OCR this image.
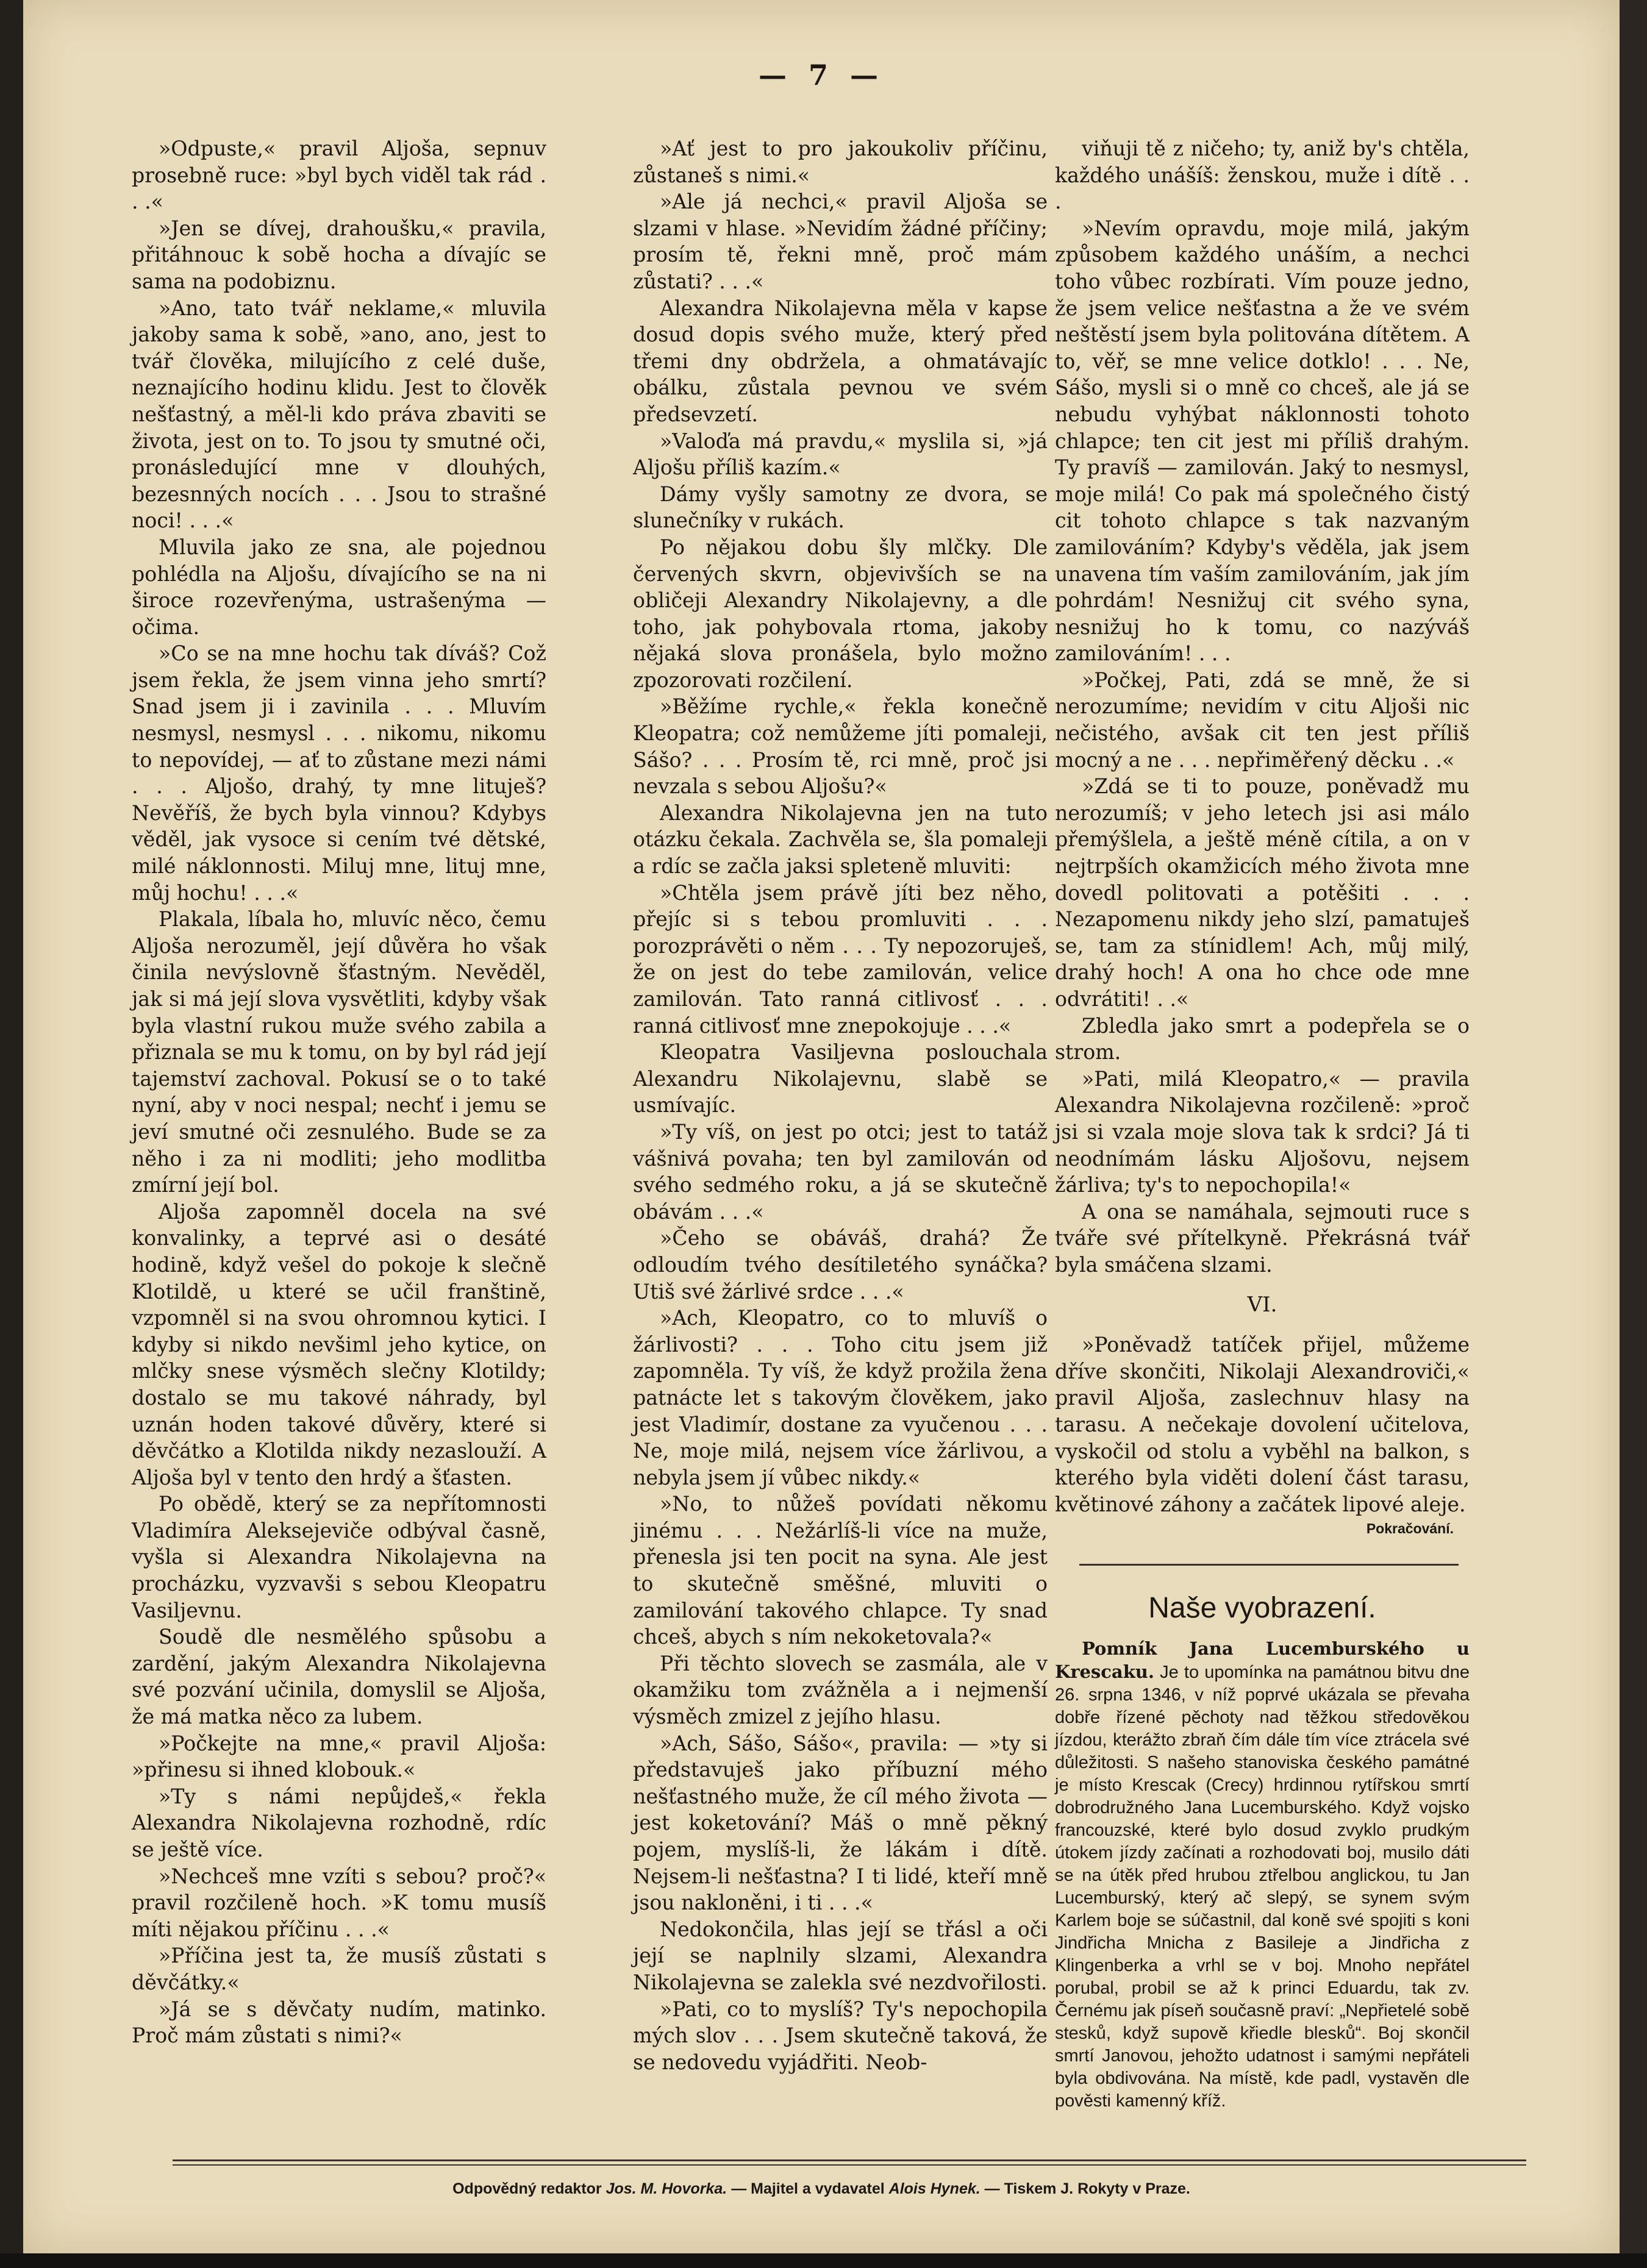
— 7 —

»Odpuste,« pravil Aljoša, sepnuv prosebně ruce: »byl bych viděl tak rád . . .«

»Jen se dívej, drahoušku,« pravila, přitáhnouc k sobě hocha a dívajíc se sama na podobiznu.

»Ano, tato tvář neklame,« mluvila jakoby sama k sobě, »ano, ano, jest to tvář člověka, milujícího z celé duše, neznajícího hodinu klidu. Jest to člověk nešťastný, a měl-li kdo práva zbaviti se života, jest on to. To jsou ty smutné oči, pronásledující mne v dlouhých, bezesnných nocích . . . Jsou to strašné noci! . . .«

Mluvila jako ze sna, ale pojednou pohlédla na Aljošu, dívajícího se na ni široce rozevřenýma, ustrašenýma — očima.

»Co se na mne hochu tak díváš? Což jsem řekla, že jsem vinna jeho smrtí? Snad jsem ji i zavinila . . . Mluvím nesmysl, nesmysl . . . nikomu, nikomu to nepovídej, — ať to zůstane mezi námi . . . Aljošo, drahý, ty mne lituješ? Nevěříš, že bych byla vinnou? Kdybys věděl, jak vysoce si cením tvé dětské, milé náklonnosti. Miluj mne, lituj mne, můj hochu! . . .«

Plakala, líbala ho, mluvíc něco, čemu Aljoša nerozuměl, její důvěra ho však činila nevýslovně šťastným. Nevěděl, jak si má její slova vysvětliti, kdyby však byla vlastní rukou muže svého zabila a přiznala se mu k tomu, on by byl rád její tajemství zachoval. Pokusí se o to také nyní, aby v noci nespal; nechť i jemu se jeví smutné oči zesnulého. Bude se za něho i za ni modliti; jeho modlitba zmírní její bol.

Aljoša zapomněl docela na své konvalinky, a teprvé asi o desáté hodině, když vešel do pokoje k slečně Klotildě, u které se učil franštině, vzpomněl si na svou ohromnou kytici. I kdyby si nikdo nevšiml jeho kytice, on mlčky snese výsměch slečny Klotildy; dostalo se mu takové náhrady, byl uznán hoden takové důvěry, které si děvčátko a Klotilda nikdy nezaslouží. A Aljoša byl v tento den hrdý a šťasten.

Po obědě, který se za nepřítomnosti Vladimíra Aleksejeviče odbýval časně, vyšla si Alexandra Nikolajevna na procházku, vyzvavši s sebou Kleopatru Vasiljevnu.

Soudě dle nesmělého spůsobu a zardění, jakým Alexandra Nikolajevna své pozvání učinila, domyslil se Aljoša, že má matka něco za lubem.

»Počkejte na mne,« pravil Aljoša: »přinesu si ihned klobouk.«

»Ty s námi nepůjdeš,« řekla Alexandra Nikolajevna rozhodně, rdíc se ještě více.

»Nechceš mne vzíti s sebou? proč?« pravil rozčileně hoch. »K tomu musíš míti nějakou příčinu . . .«

»Příčina jest ta, že musíš zůstati s děvčátky.«

»Já se s děvčaty nudím, matinko. Proč mám zůstati s nimi?«

»Ať jest to pro jakoukoliv příčinu, zůstaneš s nimi.«

»Ale já nechci,« pravil Aljoša se slzami v hlase. »Nevidím žádné příčiny; prosím tě, řekni mně, proč mám zůstati? . . .«

Alexandra Nikolajevna měla v kapse dosud dopis svého muže, který před třemi dny obdržela, a ohmatávajíc obálku, zůstala pevnou ve svém předsevzetí.

»Valoďa má pravdu,« myslila si, »já Aljošu příliš kazím.«

Dámy vyšly samotny ze dvora, se slunečníky v rukách.

Po nějakou dobu šly mlčky. Dle červených skvrn, objevivších se na obličeji Alexandry Nikolajevny, a dle toho, jak pohybovala rtoma, jakoby nějaká slova pronášela, bylo možno zpozorovati rozčilení.

»Běžíme rychle,« řekla konečně Kleopatra; což nemůžeme jíti pomaleji, Sášo? . . . Prosím tě, rci mně, proč jsi nevzala s sebou Aljošu?«

Alexandra Nikolajevna jen na tuto otázku čekala. Zachvěla se, šla pomaleji a rdíc se začla jaksi spleteně mluviti:

»Chtěla jsem právě jíti bez něho, přejíc si s tebou promluviti . . . porozprávěti o něm . . . Ty nepozoruješ, že on jest do tebe zamilován, velice zamilován. Tato ranná citlivosť . . . ranná citlivosť mne znepokojuje . . .«

Kleopatra Vasiljevna poslouchala Alexandru Nikolajevnu, slabě se usmívajíc.

»Ty víš, on jest po otci; jest to tatáž vášnivá povaha; ten byl zamilován od svého sedmého roku, a já se skutečně obávám . . .«

»Čeho se obáváš, drahá? Že odloudím tvého desítiletého synáčka? Utiš své žárlivé srdce . . .«

»Ach, Kleopatro, co to mluvíš o žárlivosti? . . . Toho citu jsem již zapomněla. Ty víš, že když prožila žena patnácte let s takovým člověkem, jako jest Vladimír, dostane za vyučenou . . . Ne, moje milá, nejsem více žárlivou, a nebyla jsem jí vůbec nikdy.«

»No, to nůžeš povídati někomu jinému . . . Nežárlíš-li více na muže, přenesla jsi ten pocit na syna. Ale jest to skutečně směšné, mluviti o zamilování takového chlapce. Ty snad chceš, abych s ním nekoketovala?«

Při těchto slovech se zasmála, ale v okamžiku tom zvážněla a i nejmenší výsměch zmizel z jejího hlasu.

»Ach, Sášo, Sášo«, pravila: — »ty si představuješ jako příbuzní mého nešťastného muže, že cíl mého života — jest koketování? Máš o mně pěkný pojem, myslíš-li, že lákám i dítě. Nejsem-li nešťastna? I ti lidé, kteří mně jsou nakloněni, i ti . . .«

Nedokončila, hlas její se třásl a oči její se naplnily slzami, Alexandra Nikolajevna se zalekla své nezdvořilosti.

»Pati, co to myslíš? Ty's nepochopila mých slov . . . Jsem skutečně taková, že se nedovedu vyjádřiti. Neob-

viňuji tě z ničeho; ty, aniž by's chtěla, každého unášíš: ženskou, muže i dítě . . .

»Nevím opravdu, moje milá, jakým způsobem každého unáším, a nechci toho vůbec rozbírati. Vím pouze jedno, že jsem velice nešťastna a že ve svém neštěstí jsem byla politována dítětem. A to, věř, se mne velice dotklo! . . . Ne, Sášo, mysli si o mně co chceš, ale já se nebudu vyhýbat náklonnosti tohoto chlapce; ten cit jest mi příliš drahým. Ty pravíš — zamilován. Jaký to nesmysl, moje milá! Co pak má společného čistý cit tohoto chlapce s tak nazvaným zamilováním? Kdyby's věděla, jak jsem unavena tím vaším zamilováním, jak jím pohrdám! Nesnižuj cit svého syna, nesnižuj ho k tomu, co nazýváš zamilováním! . . .

»Počkej, Pati, zdá se mně, že si nerozumíme; nevidím v citu Aljoši nic nečistého, avšak cit ten jest příliš mocný a ne . . . nepřiměřený děcku . .«

»Zdá se ti to pouze, poněvadž mu nerozumíš; v jeho letech jsi asi málo přemýšlela, a ještě méně cítila, a on v nejtrpších okamžicích mého života mne dovedl politovati a potěšiti . . . Nezapomenu nikdy jeho slzí, pamatuješ se, tam za stínidlem! Ach, můj milý, drahý hoch! A ona ho chce ode mne odvrátiti! . .«

Zbledla jako smrt a podepřela se o strom.

»Pati, milá Kleopatro,« — pravila Alexandra Nikolajevna rozčileně: »proč jsi si vzala moje slova tak k srdci? Já ti neodnímám lásku Aljošovu, nejsem žárliva; ty's to nepochopila!«

A ona se namáhala, sejmouti ruce s tváře své přítelkyně. Překrásná tvář byla smáčena slzami.

VI.

»Poněvadž tatíček přijel, můžeme dříve skončiti, Nikolaji Alexandroviči,« pravil Aljoša, zaslechnuv hlasy na tarasu. A nečekaje dovolení učitelova, vyskočil od stolu a vyběhl na balkon, s kterého byla viděti dolení část tarasu, květinové záhony a začátek lipové aleje.

Pokračování.
Naše vyobrazení.

Pomník Jana Lucemburského u Krescaku. Je to upomínka na památnou bitvu dne 26. srpna 1346, v níž poprvé ukázala se převaha dobře řízené pěchoty nad těžkou středověkou jízdou, kterážto zbraň čím dále tím více ztrácela své důležitosti. S našeho stanoviska českého památné je místo Krescak (Crecy) hrdinnou rytířskou smrtí dobrodružného Jana Lucemburského. Když vojsko francouzské, které bylo dosud zvyklo prudkým útokem jízdy začínati a rozhodovati boj, musilo dáti se na útěk před hrubou ztřelbou anglickou, tu Jan Lucemburský, který ač slepý, se synem svým Karlem boje se súčastnil, dal koně své spojiti s koni Jindřicha Mnicha z Basileje a Jindřicha z Klingenberka a vrhl se v boj. Mnoho nepřátel porubal, probil se až k princi Eduardu, tak zv. Černému jak píseň současně praví: „Nepřietelé sobě stesků, když supově křiedle blesků“. Boj skončil smrtí Janovou, jehožto udatnost i samými nepřáteli byla obdivována. Na místě, kde padl, vystavěn dle pověsti kamenný kříž.

Odpovědný redaktor Jos. M. Hovorka. — Majitel a vydavatel Alois Hynek. — Tiskem J. Rokyty v Praze.
